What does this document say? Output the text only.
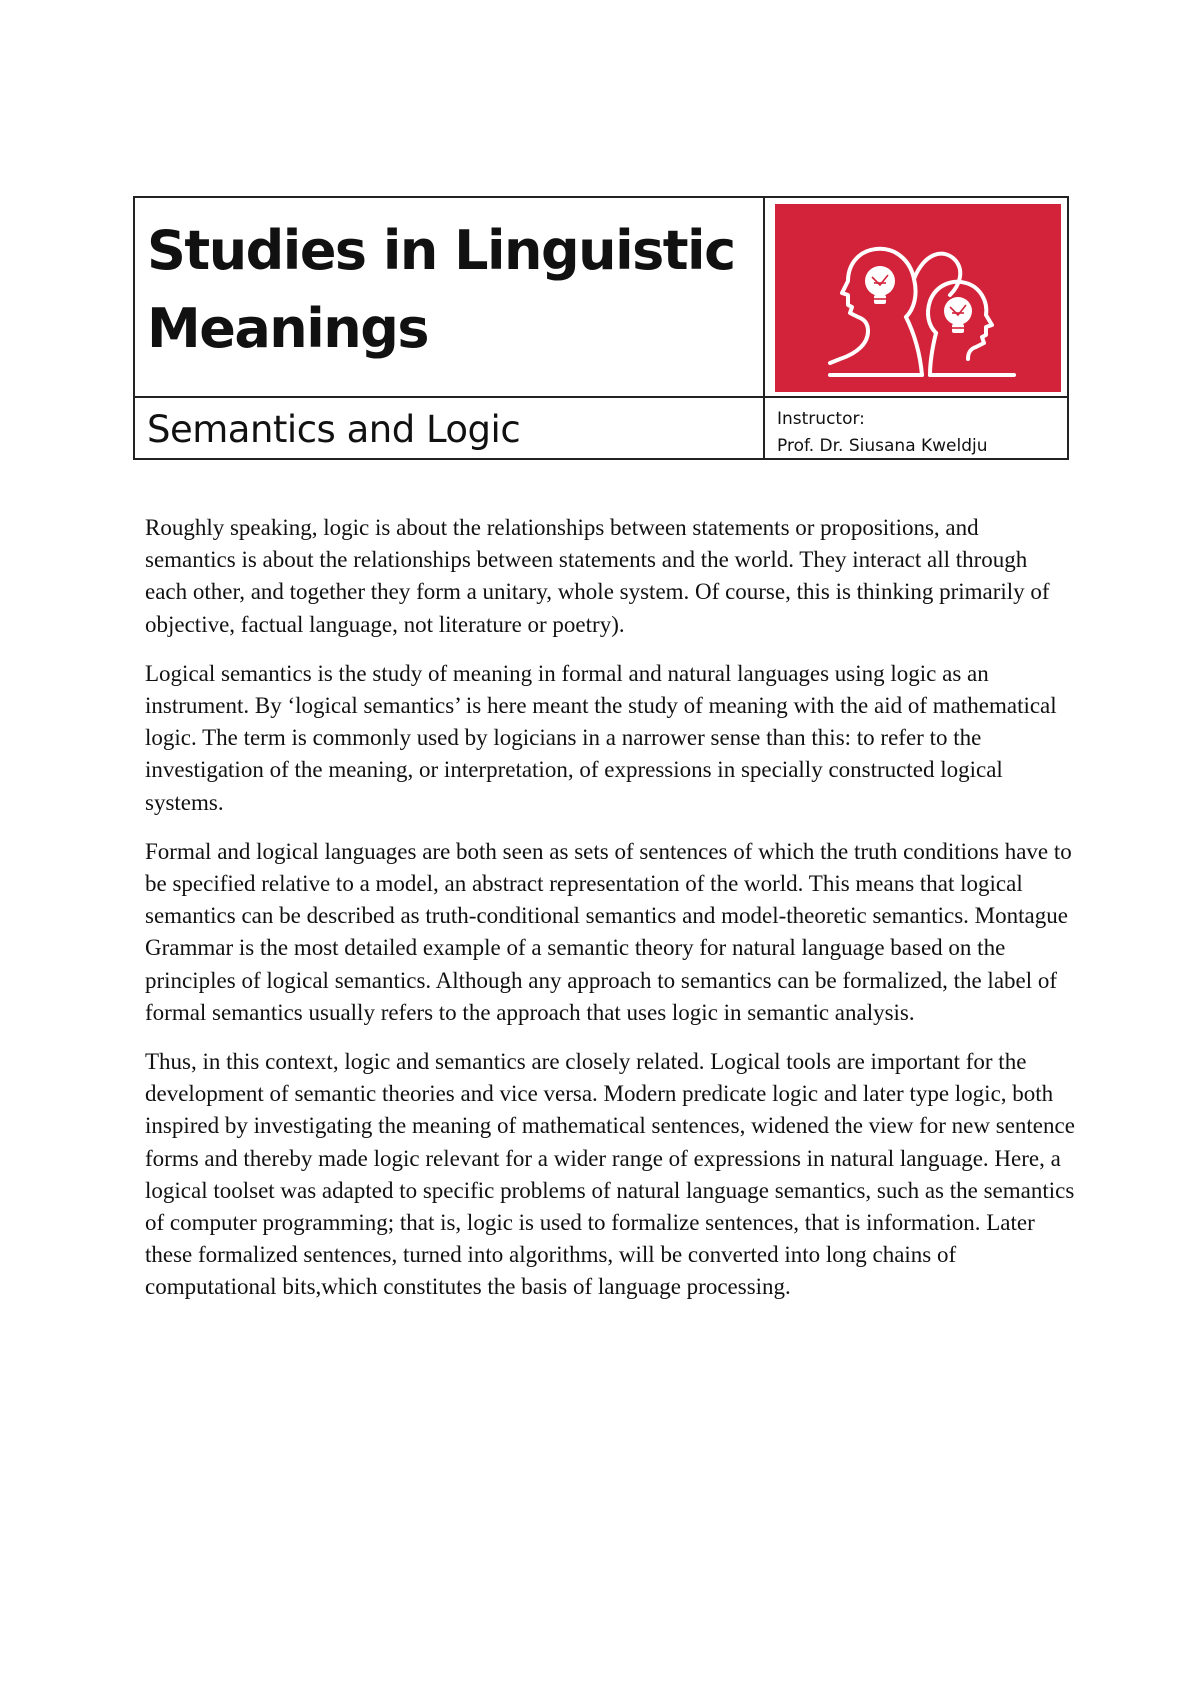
Studies in Linguistic
Meanings
Semantics and Logic	Instructor:
Prof. Dr. Siusana Kweldju

Roughly speaking, logic is about the relationships between statements or propositions, and semantics is about the relationships between statements and the world. They interact all through each other, and together they form a unitary, whole system. Of course, this is thinking primarily of objective, factual language, not literature or poetry).

Logical semantics is the study of meaning in formal and natural languages using logic as an instrument. By ‘logical semantics’ is here meant the study of meaning with the aid of mathematical logic. The term is commonly used by logicians in a narrower sense than this: to refer to the investigation of the meaning, or interpretation, of expressions in specially constructed logical systems.

Formal and logical languages are both seen as sets of sentences of which the truth conditions have to be specified relative to a model, an abstract representation of the world. This means that logical semantics can be described as truth-conditional semantics and model-theoretic semantics. Montague Grammar is the most detailed example of a semantic theory for natural language based on the principles of logical semantics. Although any approach to semantics can be formalized, the label of formal semantics usually refers to the approach that uses logic in semantic analysis.

Thus, in this context, logic and semantics are closely related. Logical tools are important for the development of semantic theories and vice versa. Modern predicate logic and later type logic, both inspired by investigating the meaning of mathematical sentences, widened the view for new sentence forms and thereby made logic relevant for a wider range of expressions in natural language. Here, a logical toolset was adapted to specific problems of natural language semantics, such as the semantics of computer programming; that is, logic is used to formalize sentences, that is information. Later these formalized sentences, turned into algorithms, will be converted into long chains of computational bits,which constitutes the basis of language processing.
